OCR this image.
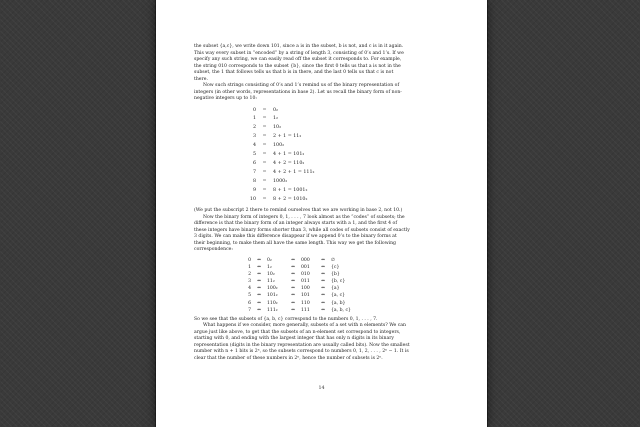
the subset {a,c}, we write down 101, since a is in the subset, b is not, and c is in it again.
This way every subset in “encoded” by a string of length 3, consisting of 0’s and 1’s. If we
specify any such string, we can easily read off the subset it corresponds to. For example,
the string 010 corresponds to the subset {b}, since the first 0 tells us that a is not in the
subset, the 1 that follows tells us that b is in there, and the last 0 tells us that c is not
there.

Now such strings consisting of 0’s and 1’s remind us of the binary representation of
integers (in other words, representations in base 2). Let us recall the binary form of non-
negative integers up to 10:

0	=	0₂
1	=	1₂
2	=	10₂
3	=	2 + 1 = 11₂
4	=	100₂
5	=	4 + 1 = 101₂
6	=	4 + 2 = 110₂
7	=	4 + 2 + 1 = 111₂
8	=	1000₂
9	=	8 + 1 = 1001₂
10	=	8 + 2 = 1010₂

(We put the subscript 2 there to remind ourselves that we are working in base 2, not 10.)

Now the binary form of integers 0, 1, . . . , 7 look almost as the “codes” of subsets; the
difference is that the binary form of an integer always starts with a 1, and the first 4 of
these integers have binary forms shorter than 3, while all codes of subsets consist of exactly
3 digits. We can make this difference disappear if we append 0’s to the binary forms at
their beginning, to make them all have the same length. This way we get the following
correspondence:

0	⇔	0₂	⇔	000	⇔	∅
1	⇔	1₂	⇔	001	⇔	{c}
2	⇔	10₂	⇔	010	⇔	{b}
3	⇔	11₂	⇔	011	⇔	{b, c}
4	⇔	100₂	⇔	100	⇔	{a}
5	⇔	101₂	⇔	101	⇔	{a, c}
6	⇔	110₂	⇔	110	⇔	{a, b}
7	⇔	111₂	⇔	111	⇔	{a, b, c}

So we see that the subsets of {a, b, c} correspond to the numbers 0, 1, . . . , 7.

What happens if we consider, more generally, subsets of a set with n elements? We can
argue just like above, to get that the subsets of an n-element set correspond to integers,
starting with 0, and ending with the largest integer that has only n digits in its binary
representation (digits in the binary representation are usually called bits). Now the smallest
number with n + 1 bits is 2ⁿ, so the subsets correspond to numbers 0, 1, 2, . . . , 2ⁿ − 1. It is
clear that the number of these numbers in 2ⁿ, hence the number of subsets is 2ⁿ.

14
